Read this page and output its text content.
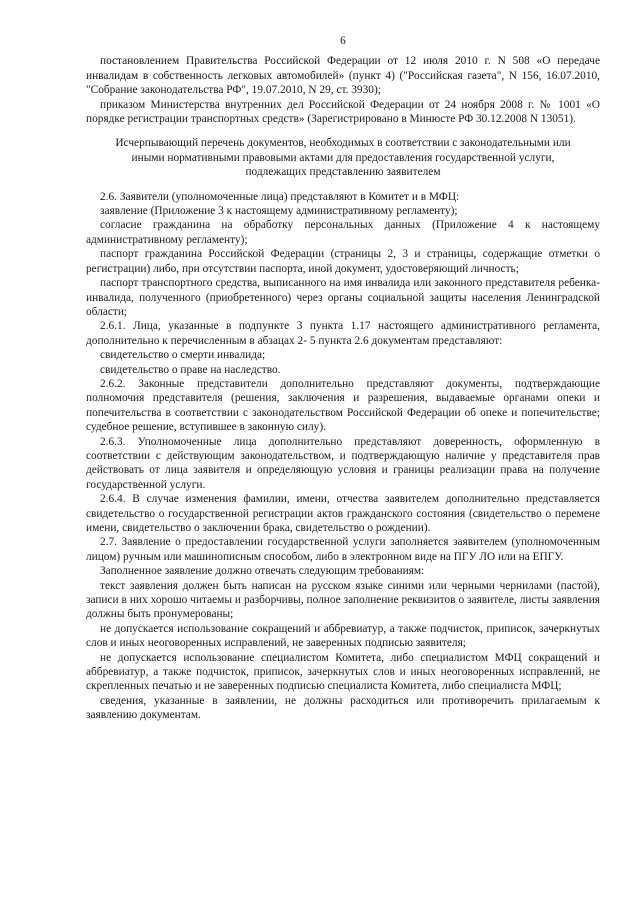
6

постановлением Правительства Российской Федерации от 12 июля 2010 г. N 508 «О передаче инвалидам в собственность легковых автомобилей» (пункт 4) ("Российская газета", N 156, 16.07.2010, "Собрание законодательства РФ", 19.07.2010, N 29, ст. 3930);

приказом Министерства внутренних дел Российской Федерации от 24 ноября 2008 г. № 1001 «О порядке регистрации транспортных средств» (Зарегистрировано в Минюсте РФ 30.12.2008 N 13051).

Исчерпывающий перечень документов, необходимых в соответствии с законодательными или
иными нормативными правовыми актами для предоставления государственной услуги,
подлежащих представлению заявителем

2.6. Заявители (уполномоченные лица) представляют в Комитет и в МФЦ:

заявление (Приложение 3 к настоящему административному регламенту);

согласие гражданина на обработку персональных данных (Приложение 4 к настоящему административному регламенту);

паспорт гражданина Российской Федерации (страницы 2, 3 и страницы, содержащие отметки о регистрации) либо, при отсутствии паспорта, иной документ, удостоверяющий личность;

паспорт транспортного средства, выписанного на имя инвалида или законного представителя ребенка-инвалида, полученного (приобретенного) через органы социальной защиты населения Ленинградской области;

2.6.1. Лица, указанные в подпункте 3 пункта 1.17 настоящего административного регламента, дополнительно к перечисленным в абзацах 2- 5 пункта 2.6 документам представляют:

свидетельство о смерти инвалида;

свидетельство о праве на наследство.

2.6.2. Законные представители дополнительно представляют документы, подтверждающие полномочия представителя (решения, заключения и разрешения, выдаваемые органами опеки и попечительства в соответствии с законодательством Российской Федерации об опеке и попечительстве; судебное решение, вступившее в законную силу).

2.6.3. Уполномоченные лица дополнительно представляют доверенность, оформленную в соответствии с действующим законодательством, и подтверждающую наличие у представителя прав действовать от лица заявителя и определяющую условия и границы реализации права на получение государственной услуги.

2.6.4. В случае изменения фамилии, имени, отчества заявителем дополнительно представляется свидетельство о государственной регистрации актов гражданского состояния (свидетельство о перемене имени, свидетельство о заключении брака, свидетельство о рождении).

2.7. Заявление о предоставлении государственной услуги заполняется заявителем (уполномоченным лицом) ручным или машинописным способом, либо в электронном виде на ПГУ ЛО или на ЕПГУ.

Заполненное заявление должно отвечать следующим требованиям:

текст заявления должен быть написан на русском языке синими или черными чернилами (пастой), записи в них хорошо читаемы и разборчивы, полное заполнение реквизитов о заявителе, листы заявления должны быть пронумерованы;

не допускается использование сокращений и аббревиатур, а также подчисток, приписок, зачеркнутых слов и иных неоговоренных исправлений, не заверенных подписью заявителя;

не допускается использование специалистом Комитета, либо специалистом МФЦ сокращений и аббревиатур, а также подчисток, приписок, зачеркнутых слов и иных неоговоренных исправлений, не скрепленных печатью и не заверенных подписью специалиста Комитета, либо специалиста МФЦ;

сведения, указанные в заявлении, не должны расходиться или противоречить прилагаемым к заявлению документам.
